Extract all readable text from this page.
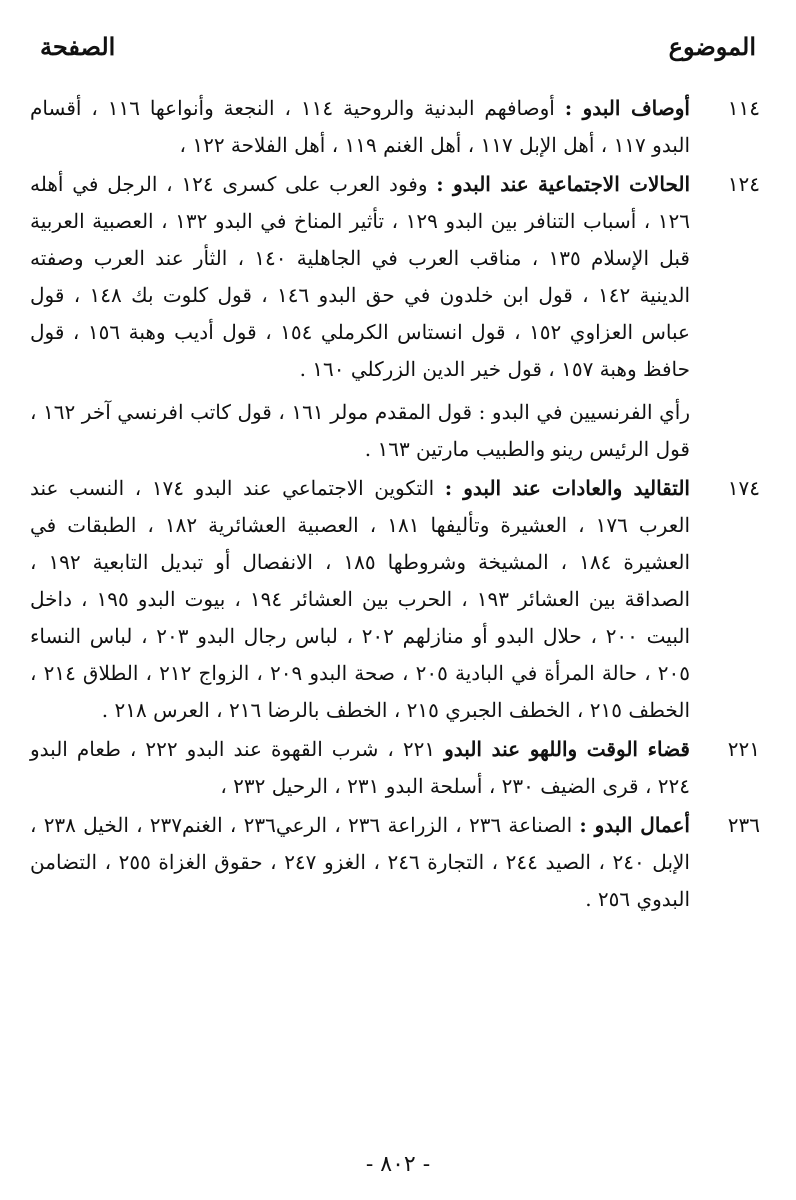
الموضوع
الصفحة
١١٤

أوصاف البدو : أوصافهم البدنية والروحية ١١٤ ، النجعة وأنواعها ١١٦ ، أقسام البدو ١١٧ ، أهل الإبل ١١٧ ، أهل الغنم ١١٩ ، أهل الفلاحة ١٢٢ ،

١٢٤

الحالات الاجتماعية عند البدو : وفود العرب على كسرى ١٢٤ ، الرجل في أهله ١٢٦ ، أسباب التنافر بين البدو ١٢٩ ، تأثير المناخ في البدو ١٣٢ ، العصبية العربية قبل الإسلام ١٣٥ ، مناقب العرب في الجاهلية ١٤٠ ، الثأر عند العرب وصفته الدينية ١٤٢ ، قول ابن خلدون في حق البدو ١٤٦ ، قول كلوت بك ١٤٨ ، قول عباس العزاوي ١٥٢ ، قول انستاس الكرملي ١٥٤ ، قول أديب وهبة ١٥٦ ، قول حافظ وهبة ١٥٧ ، قول خير الدين الزركلي ١٦٠ .

رأي الفرنسيين في البدو : قول المقدم مولر ١٦١ ، قول كاتب افرنسي آخر ١٦٢ ، قول الرئيس رينو والطبيب مارتين ١٦٣ .

١٧٤

التقاليد والعادات عند البدو : التكوين الاجتماعي عند البدو ١٧٤ ، النسب عند العرب ١٧٦ ، العشيرة وتأليفها ١٨١ ، العصبية العشائرية ١٨٢ ، الطبقات في العشيرة ١٨٤ ، المشيخة وشروطها ١٨٥ ، الانفصال أو تبديل التابعية ١٩٢ ، الصداقة بين العشائر ١٩٣ ، الحرب بين العشائر ١٩٤ ، بيوت البدو ١٩٥ ، داخل البيت ٢٠٠ ، حلال البدو أو منازلهم ٢٠٢ ، لباس رجال البدو ٢٠٣ ، لباس النساء ٢٠٥ ، حالة المرأة في البادية ٢٠٥ ، صحة البدو ٢٠٩ ، الزواج ٢١٢ ، الطلاق ٢١٤ ، الخطف ٢١٥ ، الخطف الجبري ٢١٥ ، الخطف بالرضا ٢١٦ ، العرس ٢١٨ .

٢٢١

قضاء الوقت واللهو عند البدو ٢٢١ ، شرب القهوة عند البدو ٢٢٢ ، طعام البدو ٢٢٤ ، قرى الضيف ٢٣٠ ، أسلحة البدو ٢٣١ ، الرحيل ٢٣٢ ،

٢٣٦

أعمال البدو : الصناعة ٢٣٦ ، الزراعة ٢٣٦ ، الرعي٢٣٦ ، الغنم٢٣٧ ، الخيل ٢٣٨ ، الإبل ٢٤٠ ، الصيد ٢٤٤ ، التجارة ٢٤٦ ، الغزو ٢٤٧ ، حقوق الغزاة ٢٥٥ ، التضامن البدوي ٢٥٦ .

- ٨٠٢ -
